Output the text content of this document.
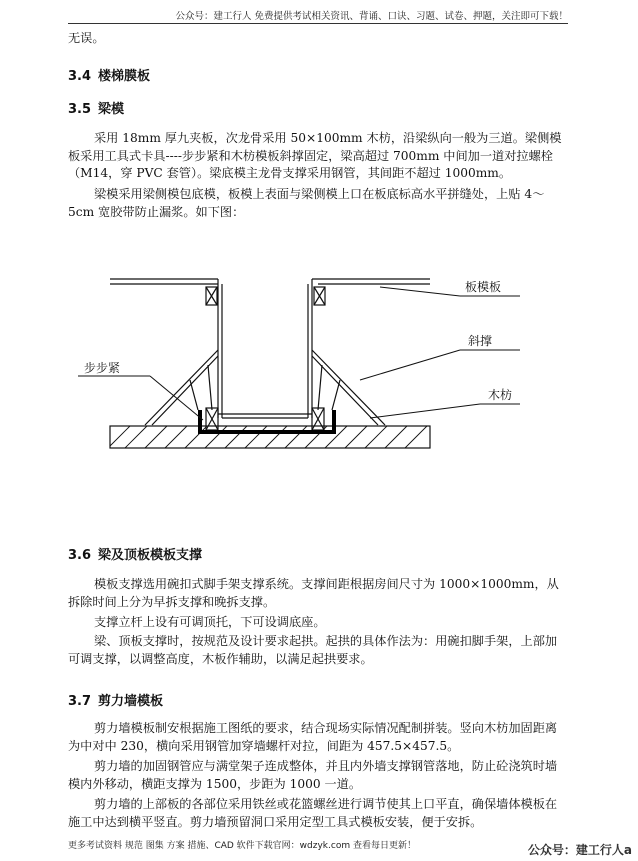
公众号：建工行人 免费提供考试相关资讯、背诵、口诀、习题、试卷、押题，关注即可下载！
无误。
3.4 楼梯膜板
3.5 梁模
采用 18mm 厚九夹板，次龙骨采用 50×100mm 木枋，沿梁纵向一般为三道。梁侧模板采用工具式卡具----步步紧和木枋模板斜撑固定，梁高超过 700mm 中间加一道对拉螺栓（M14，穿 PVC 套管）。梁底模主龙骨支撑采用钢管，其间距不超过 1000mm。
梁模采用梁侧模包底模，板模上表面与梁侧模上口在板底标高水平拼缝处，上贴 4～5cm 宽胶带防止漏浆。如下图：
板模板
斜撑
步步紧
木枋
3.6 梁及顶板模板支撑
模板支撑选用碗扣式脚手架支撑系统。支撑间距根据房间尺寸为 1000×1000mm，从拆除时间上分为早拆支撑和晚拆支撑。
支撑立杆上设有可调顶托，下可设调底座。
梁、顶板支撑时，按规范及设计要求起拱。起拱的具体作法为：用碗扣脚手架，上部加可调支撑，以调整高度，木板作辅助，以满足起拱要求。
3.7 剪力墙模板
剪力墙模板制安根据施工图纸的要求，结合现场实际情况配制拼装。竖向木枋加固距离为中对中 230，横向采用钢管加穿墙螺杆对拉，间距为 457.5×457.5。
剪力墙的加固钢管应与满堂架子连成整体，并且内外墙支撑钢管落地，防止砼浇筑时墙模内外移动，横距支撑为 1500，步距为 1000 一道。
剪力墙的上部板的各部位采用铁丝或花篮螺丝进行调节使其上口平直，确保墙体模板在施工中达到横平竖直。剪力墙预留洞口采用定型工具式模板安装，便于安拆。
更多考试资料 规范 图集 方案 措施、CAD 软件下载官网：wdzyk.com 查看每日更新！	公众号：建工行人a
